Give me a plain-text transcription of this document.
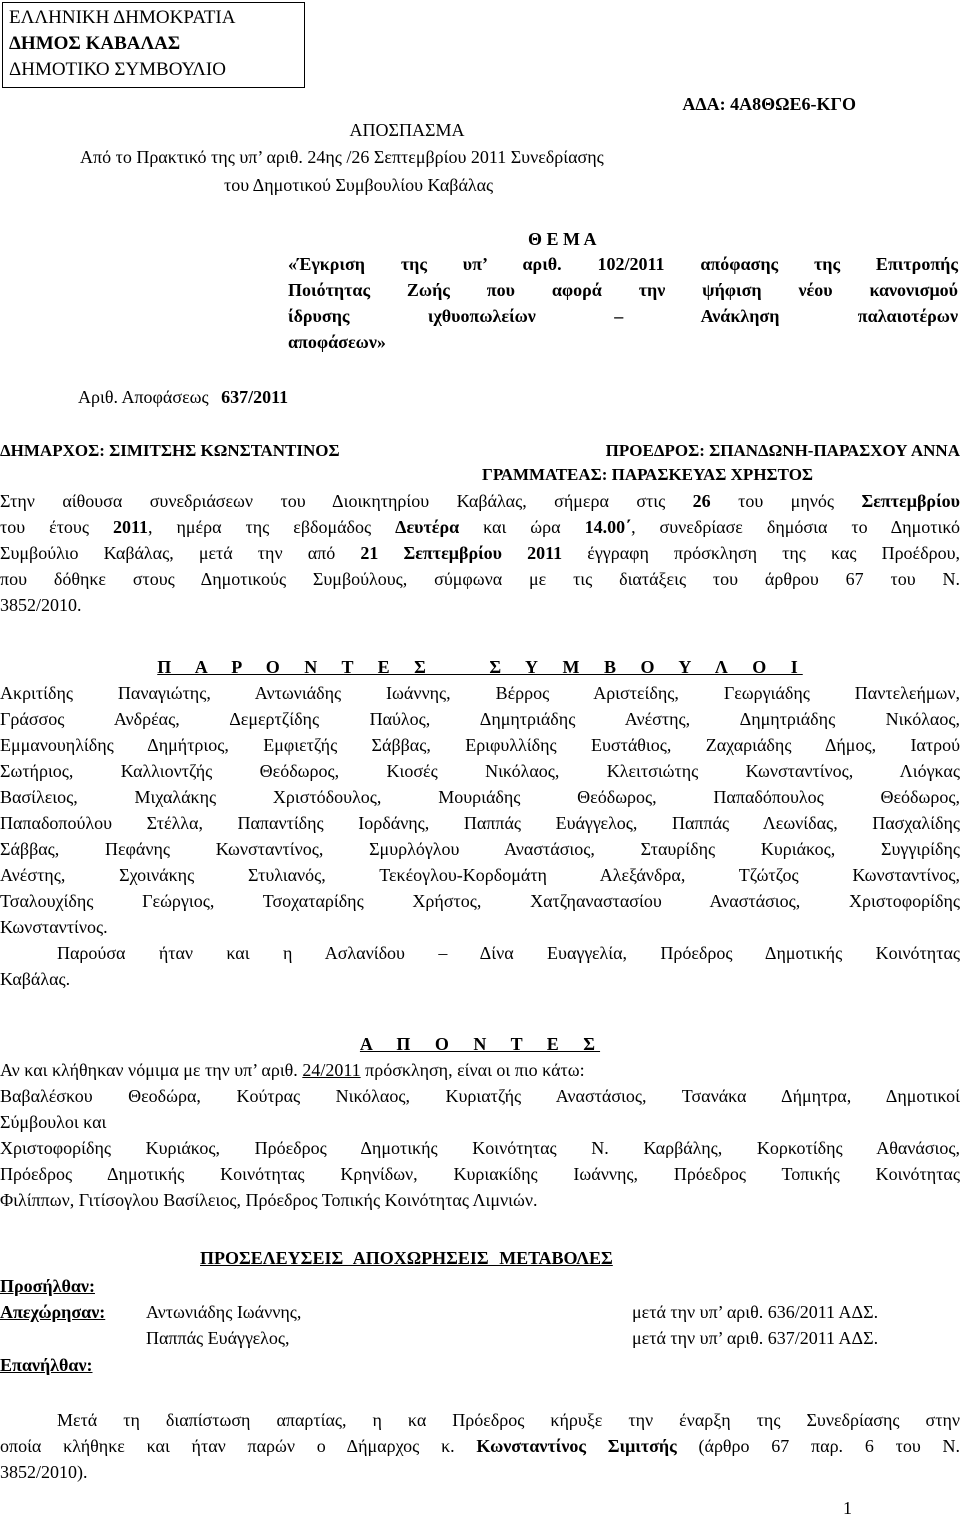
ΕΛΛΗΝΙΚΗ ΔΗΜΟΚΡΑΤΙΑ
ΔΗΜΟΣ ΚΑΒΑΛΑΣ
ΔΗΜΟΤΙΚΟ ΣΥΜΒΟΥΛΙΟ
ΑΔΑ: 4Α8ΘΩΕ6-ΚΓΟ
ΑΠΟΣΠΑΣΜΑ
Από το Πρακτικό της υπ’ αριθ. 24ης /26 Σεπτεμβρίου 2011 Συνεδρίασης
του Δημοτικού Συμβουλίου Καβάλας
Θ Ε Μ Α
«Έγκριση της υπ’ αριθ. 102/2011 απόφασης της Επιτροπής
Ποιότητας Ζωής που αφορά την ψήφιση νέου κανονισμού
ίδρυσης ιχθυοπωλείων – Ανάκληση παλαιοτέρων
αποφάσεων»
Αριθ. Αποφάσεως 637/2011
ΔΗΜΑΡΧΟΣ: ΣΙΜΙΤΣΗΣ ΚΩΝΣΤΑΝΤΙΝΟΣ	ΠΡΟΕΔΡΟΣ: ΣΠΑΝΔΩΝΗ-ΠΑΡΑΣΧΟΥ ΑΝΝΑ
ΓΡΑΜΜΑΤΕΑΣ: ΠΑΡΑΣΚΕΥΑΣ ΧΡΗΣΤΟΣ
Στην αίθουσα συνεδριάσεων του Διοικητηρίου Καβάλας, σήμερα στις 26 του μηνός Σεπτεμβρίου
του έτους 2011, ημέρα της εβδομάδος Δευτέρα και ώρα 14.00΄, συνεδρίασε δημόσια το Δημοτικό
Συμβούλιο Καβάλας, μετά την από 21 Σεπτεμβρίου 2011 έγγραφη πρόσκληση της κας Προέδρου,
που δόθηκε στους Δημοτικούς Συμβούλους, σύμφωνα με τις διατάξεις του άρθρου 67 του Ν.
3852/2010.
Π Α Ρ Ο Ν Τ Ε Σ   Σ Υ Μ Β Ο Υ Λ Ο Ι
Ακριτίδης Παναγιώτης, Αντωνιάδης Ιωάννης, Βέρρος Αριστείδης, Γεωργιάδης Παντελεήμων,
Γράσσος Ανδρέας, Δεμερτζίδης Παύλος, Δημητριάδης Ανέστης, Δημητριάδης Νικόλαος,
Εμμανουηλίδης Δημήτριος, Εμφιετζής Σάββας, Εριφυλλίδης Ευστάθιος, Ζαχαριάδης Δήμος, Ιατρού
Σωτήριος, Καλλιοντζής Θεόδωρος, Κιοσές Νικόλαος, Κλειτσιώτης Κωνσταντίνος, Λιόγκας
Βασίλειος, Μιχαλάκης Χριστόδουλος, Μουριάδης Θεόδωρος, Παπαδόπουλος Θεόδωρος,
Παπαδοπούλου Στέλλα, Παπαντίδης Ιορδάνης, Παππάς Ευάγγελος, Παππάς Λεωνίδας, Πασχαλίδης
Σάββας, Πεφάνης Κωνσταντίνος, Σμυρλόγλου Αναστάσιος, Σταυρίδης Κυριάκος, Συγγιρίδης
Ανέστης, Σχοινάκης Στυλιανός, Τεκέογλου-Κορδομάτη Αλεξάνδρα, Τζώτζος Κωνσταντίνος,
Τσαλουχίδης Γεώργιος, Τσοχαταρίδης Χρήστος, Χατζηαναστασίου Αναστάσιος, Χριστοφορίδης
Κωνσταντίνος.
Παρούσα ήταν και η Ασλανίδου – Δίνα Ευαγγελία, Πρόεδρος Δημοτικής Κοινότητας
Καβάλας.
Α Π Ο Ν Τ Ε Σ
Αν και κλήθηκαν νόμιμα με την υπ’ αριθ. 24/2011 πρόσκληση, είναι οι πιο κάτω:
Βαβαλέσκου Θεοδώρα, Κούτρας Νικόλαος, Κυριατζής Αναστάσιος, Τσανάκα Δήμητρα, Δημοτικοί
Σύμβουλοι και
Χριστοφορίδης Κυριάκος, Πρόεδρος Δημοτικής Κοινότητας Ν. Καρβάλης, Κορκοτίδης Αθανάσιος,
Πρόεδρος Δημοτικής Κοινότητας Κρηνίδων, Κυριακίδης Ιωάννης, Πρόεδρος Τοπικής Κοινότητας
Φιλίππων, Γιτίσογλου Βασίλειος, Πρόεδρος Τοπικής Κοινότητας Λιμνιών.
ΠΡΟΣΕΛΕΥΣΕΙΣ ΑΠΟΧΩΡΗΣΕΙΣ ΜΕΤΑΒΟΛΕΣ
Προσήλθαν:
Απεχώρησαν: Αντωνιάδης Ιωάννης,	μετά την υπ’ αριθ. 636/2011 ΑΔΣ.
Παππάς Ευάγγελος,	μετά την υπ’ αριθ. 637/2011 ΑΔΣ.
Επανήλθαν:
Μετά τη διαπίστωση απαρτίας, η κα Πρόεδρος κήρυξε την έναρξη της Συνεδρίασης στην
οποία κλήθηκε και ήταν παρών ο Δήμαρχος κ. Κωνσταντίνος Σιμιτσής (άρθρο 67 παρ. 6 του Ν.
3852/2010).
1
